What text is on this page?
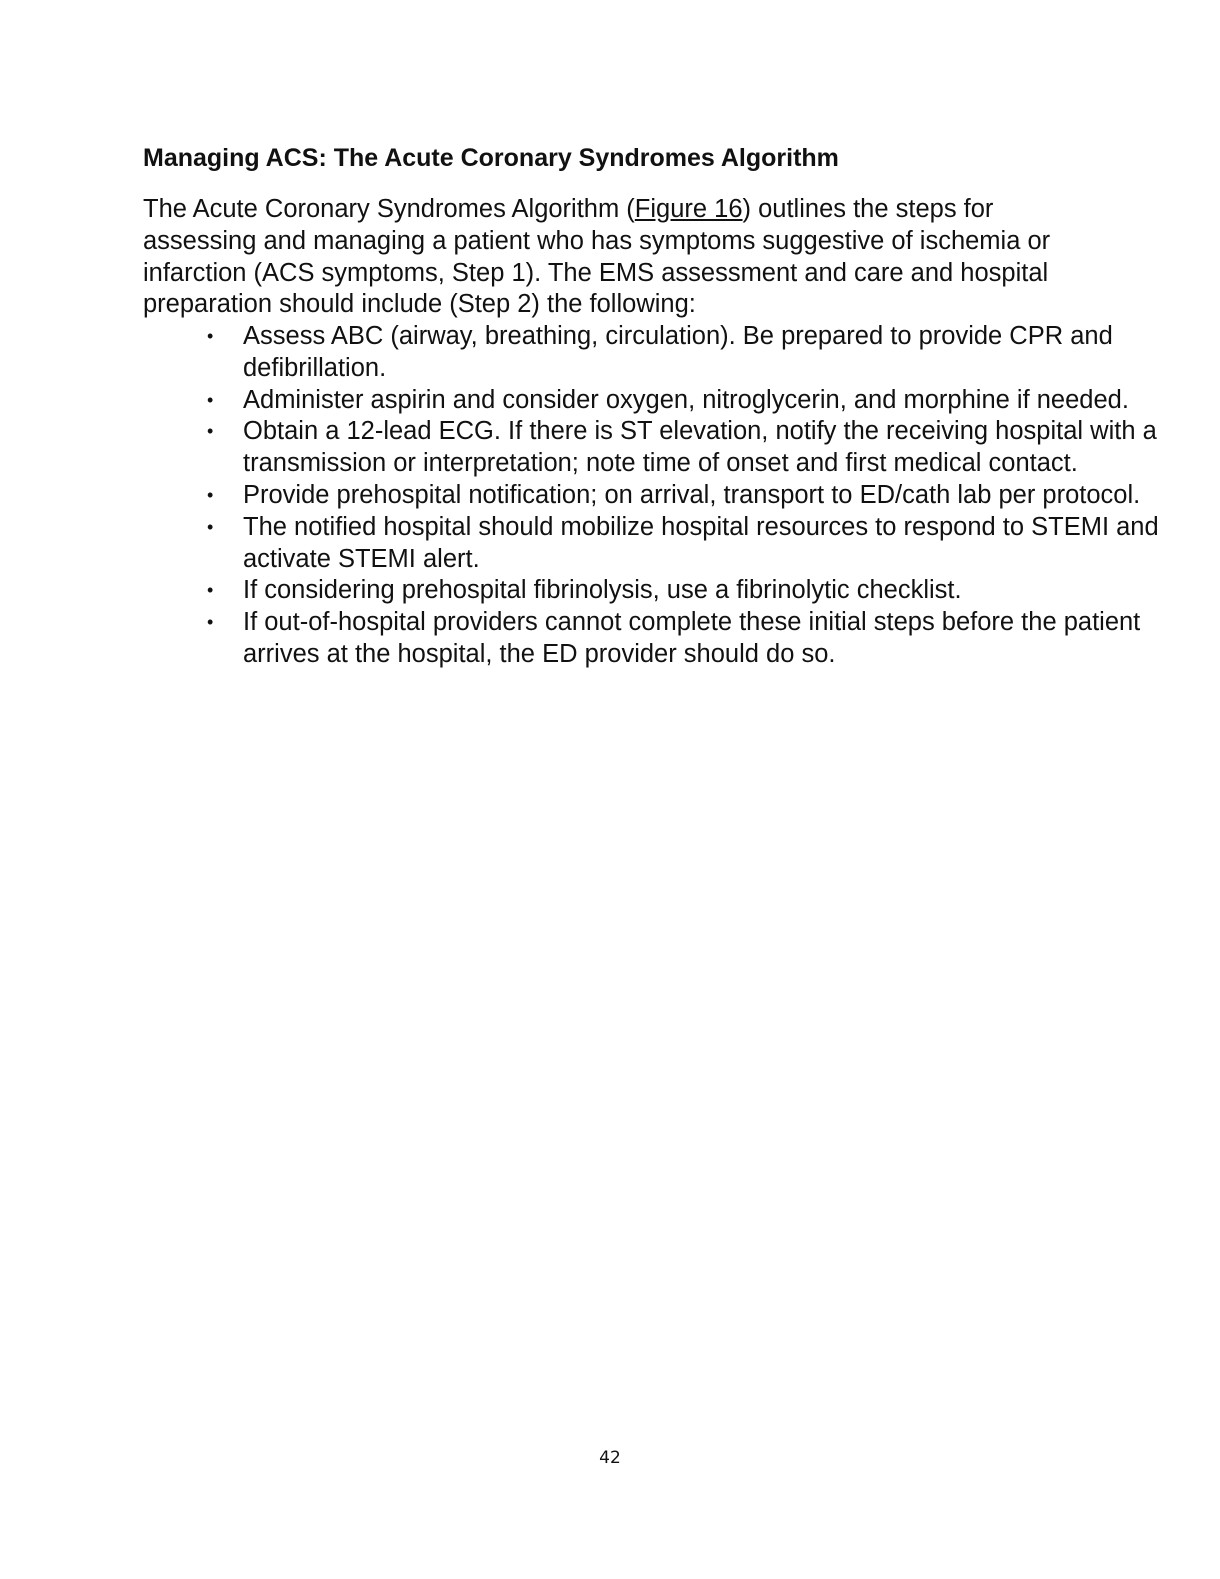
Managing ACS: The Acute Coronary Syndromes Algorithm

The Acute Coronary Syndromes Algorithm (Figure 16) outlines the steps for assessing and managing a patient who has symptoms suggestive of ischemia or infarction (ACS symptoms, Step 1). The EMS assessment and care and hospital preparation should include (Step 2) the following:

• Assess ABC (airway, breathing, circulation). Be prepared to provide CPR and defibrillation.
• Administer aspirin and consider oxygen, nitroglycerin, and morphine if needed.
• Obtain a 12-lead ECG. If there is ST elevation, notify the receiving hospital with a transmission or interpretation; note time of onset and first medical contact.
• Provide prehospital notification; on arrival, transport to ED/cath lab per protocol.
• The notified hospital should mobilize hospital resources to respond to STEMI and activate STEMI alert.
• If considering prehospital fibrinolysis, use a fibrinolytic checklist.
• If out-of-hospital providers cannot complete these initial steps before the patient arrives at the hospital, the ED provider should do so.
42
